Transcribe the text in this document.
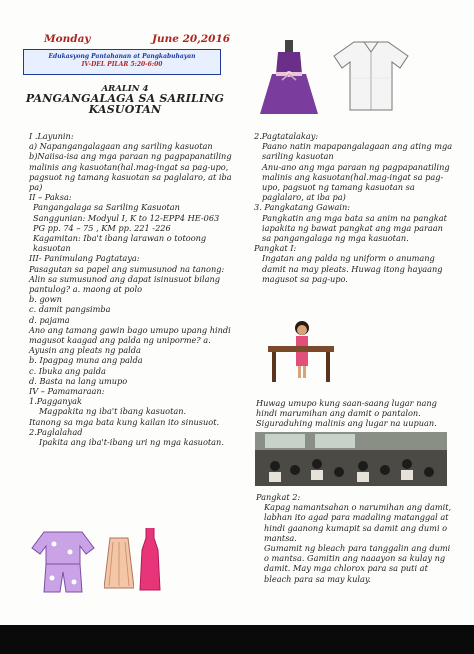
Monday	June 20,2016
Edukasyong Pantahanan at Pangkabuhayan
IV-DEL PILAR 5:20-6:00
ARALIN 4
PANGANGALAGA SA SARILING KASUOTAN

I .Layunin:

a) Napangangalagaan ang sariling kasuotan

b)Naiisa-isa ang mga paraan ng pagpapanatiling malinis ang kasuotan(hal.mag-ingat sa pag-upo, pagsuot ng tamang kasuotan sa paglalaro, at iba pa)

II – Paksa:

Pangangalaga sa Sariling Kasuotan

Sanggunian: Modyul I, K to 12-EPP4 HE-063

PG pp. 74 – 75 , KM pp. 221 -226

Kagamitan: Iba't ibang larawan o totoong kasuotan

III- Panimulang Pagtataya:

Pasagutan sa papel ang sumusunod na tanong:

Alin sa sumusunod ang dapat isinusuot bilang pantulog? a. maong at polo

b. gown

c. damit pangsimba

d. pajama

Ano ang tamang gawin bago umupo upang hindi magusot kaagad ang palda ng uniporme? a. Ayusin ang pleats ng palda

b. Ipagpag muna ang palda

c. Ibuka ang palda

d. Basta na lang umupo

IV – Pamamaraan:

1.Pagganyak

Magpakita ng iba't ibang kasuotan.

Itanong sa mga bata kung kailan ito sinusuot.

2.Paglalahad

Ipakita ang iba't-ibang uri ng mga kasuotan.

2.Pagtatalakay:

Paano natin mapapangalagaan ang ating mga sariling kasuotan

Anu-ano ang mga paraan ng pagpapanatiling malinis ang kasuotan(hal.mag-ingat sa pag-upo, pagsuot ng tamang kasuotan sa paglalaro, at iba pa)

3. Pangkatang Gawain:

Pangkatin ang mga bata sa anim na pangkat iapakita ng bawat pangkat ang mga paraan sa pangangalaga ng mga kasuotan.

Pangkat I:

Ingatan ang palda ng uniform o anumang damit na may pleats. Huwag itong hayaang magusot sa pag-upo.

Huwag umupo kung saan-saang lugar nang hindi marumihan ang damit o pantalon. Siguraduhing malinis ang lugar na uupuan.

Pangkat 2:

Kapag namantsahan o narumihan ang damit, labhan ito agad para madaling matanggal at hindi gaanong kumapit sa damit ang dumi o mantsa.

Gumamit ng bleach para tanggalin ang dumi o mantsa. Gamitin ang naaayon sa kulay ng damit. May mga chlorox para sa puti at bleach para sa may kulay.
